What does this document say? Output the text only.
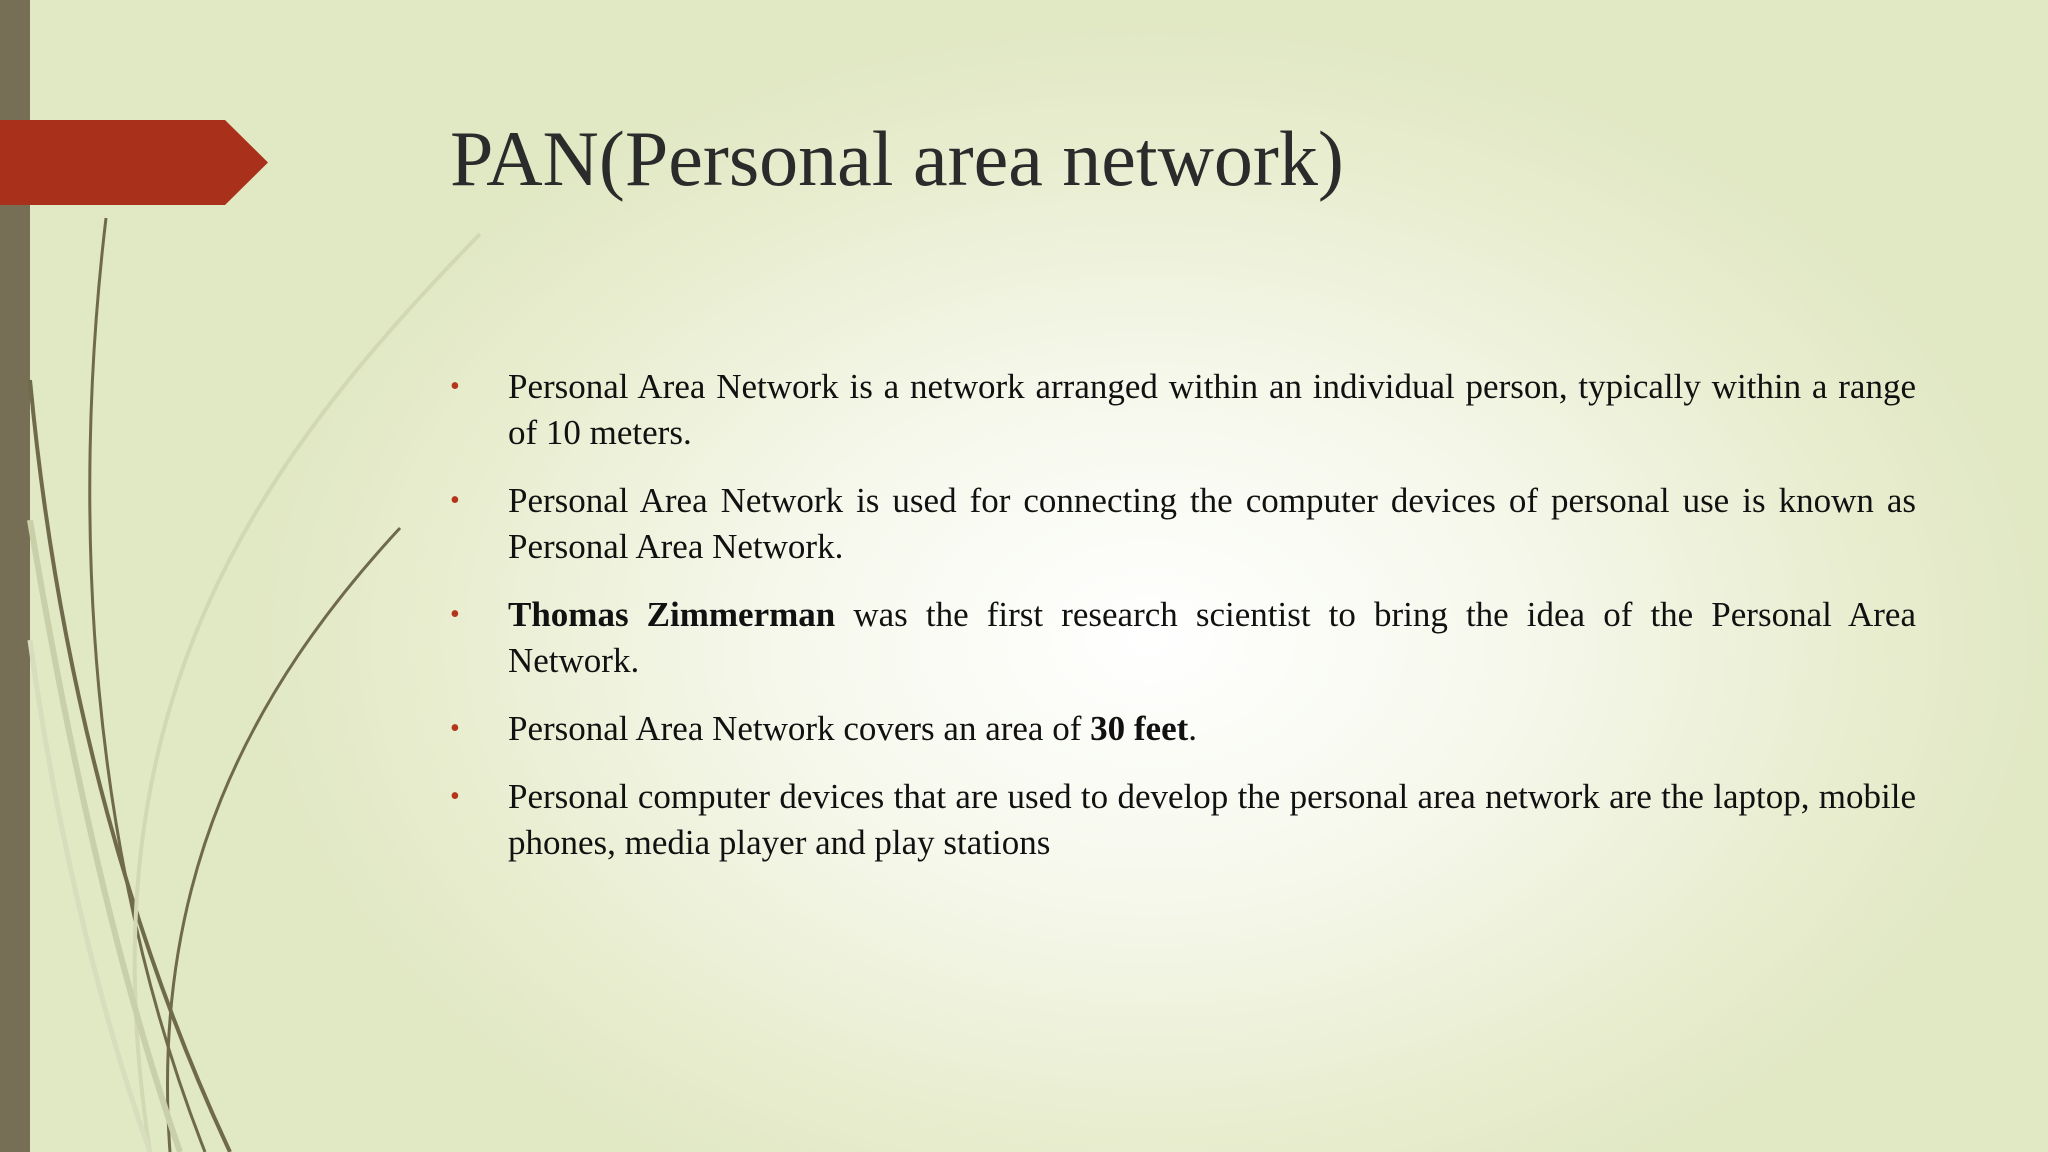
PAN(Personal area network)
• Personal Area Network is a network arranged within an individual person, typically within a range of 10 meters.
• Personal Area Network is used for connecting the computer devices of personal use is known as Personal Area Network.
• Thomas Zimmerman was the first research scientist to bring the idea of the Personal Area Network.
• Personal Area Network covers an area of 30 feet.
• Personal computer devices that are used to develop the personal area network are the laptop, mobile phones, media player and play stations
